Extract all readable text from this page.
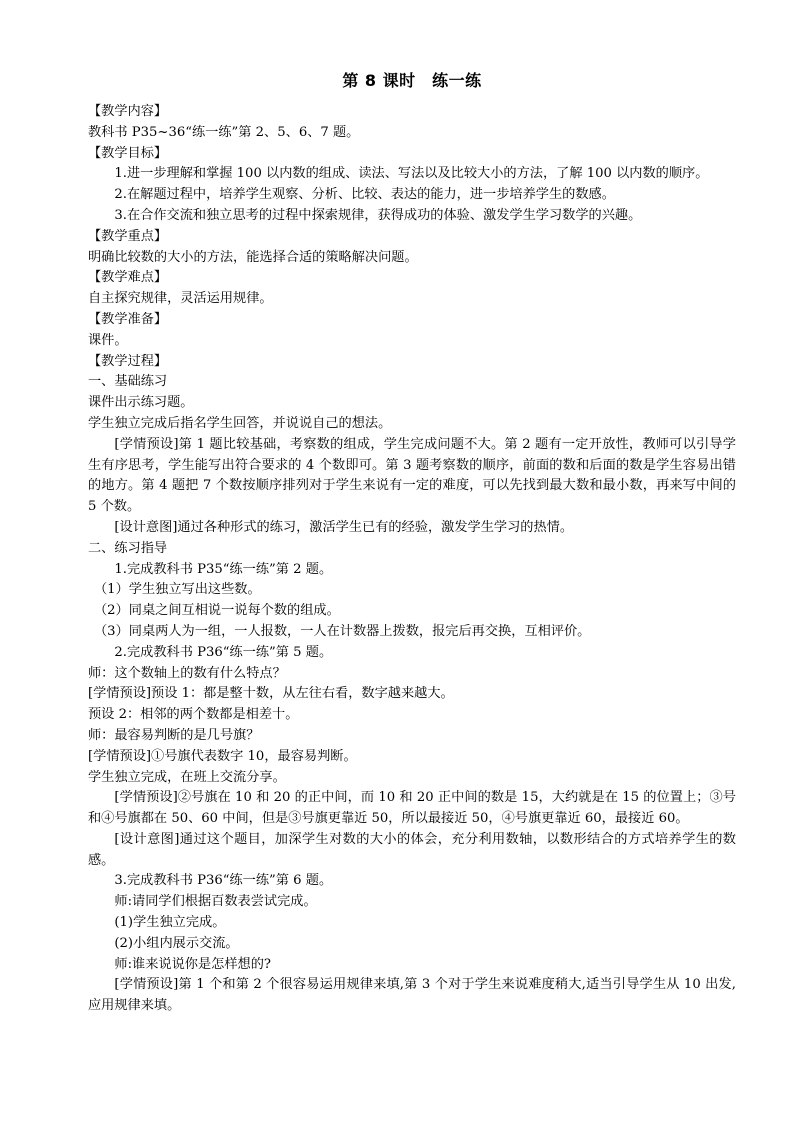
第 8 课时　练一练

【教学内容】

教科书 P35~36“练一练”第 2、5、6、7 题。

【教学目标】

1.进一步理解和掌握 100 以内数的组成、读法、写法以及比较大小的方法，了解 100 以内数的顺序。

2.在解题过程中，培养学生观察、分析、比较、表达的能力，进一步培养学生的数感。

3.在合作交流和独立思考的过程中探索规律，获得成功的体验、激发学生学习数学的兴趣。

【教学重点】

明确比较数的大小的方法，能选择合适的策略解决问题。

【教学难点】

自主探究规律，灵活运用规律。

【教学准备】

课件。

【教学过程】

一、基础练习

课件出示练习题。

学生独立完成后指名学生回答，并说说自己的想法。

[学情预设]第 1 题比较基础，考察数的组成，学生完成问题不大。第 2 题有一定开放性，教师可以引导学生有序思考，学生能写出符合要求的 4 个数即可。第 3 题考察数的顺序，前面的数和后面的数是学生容易出错的地方。第 4 题把 7 个数按顺序排列对于学生来说有一定的难度，可以先找到最大数和最小数，再来写中间的 5 个数。

[设计意图]通过各种形式的练习，激活学生已有的经验，激发学生学习的热情。

二、练习指导

1.完成教科书 P35“练一练”第 2 题。

（1）学生独立写出这些数。

（2）同桌之间互相说一说每个数的组成。

（3）同桌两人为一组，一人报数，一人在计数器上拨数，报完后再交换，互相评价。

2.完成教科书 P36“练一练”第 5 题。

师：这个数轴上的数有什么特点？

[学情预设]预设 1：都是整十数，从左往右看，数字越来越大。

预设 2：相邻的两个数都是相差十。

师：最容易判断的是几号旗？

[学情预设]①号旗代表数字 10，最容易判断。

学生独立完成，在班上交流分享。

[学情预设]②号旗在 10 和 20 的正中间，而 10 和 20 正中间的数是 15，大约就是在 15 的位置上；③号和④号旗都在 50、60 中间，但是③号旗更靠近 50，所以最接近 50，④号旗更靠近 60，最接近 60。

[设计意图]通过这个题目，加深学生对数的大小的体会，充分利用数轴，以数形结合的方式培养学生的数感。

3.完成教科书 P36“练一练”第 6 题。

师:请同学们根据百数表尝试完成。

(1)学生独立完成。

(2)小组内展示交流。

师:谁来说说你是怎样想的?

[学情预设]第 1 个和第 2 个很容易运用规律来填,第 3 个对于学生来说难度稍大,适当引导学生从 10 出发,应用规律来填。
